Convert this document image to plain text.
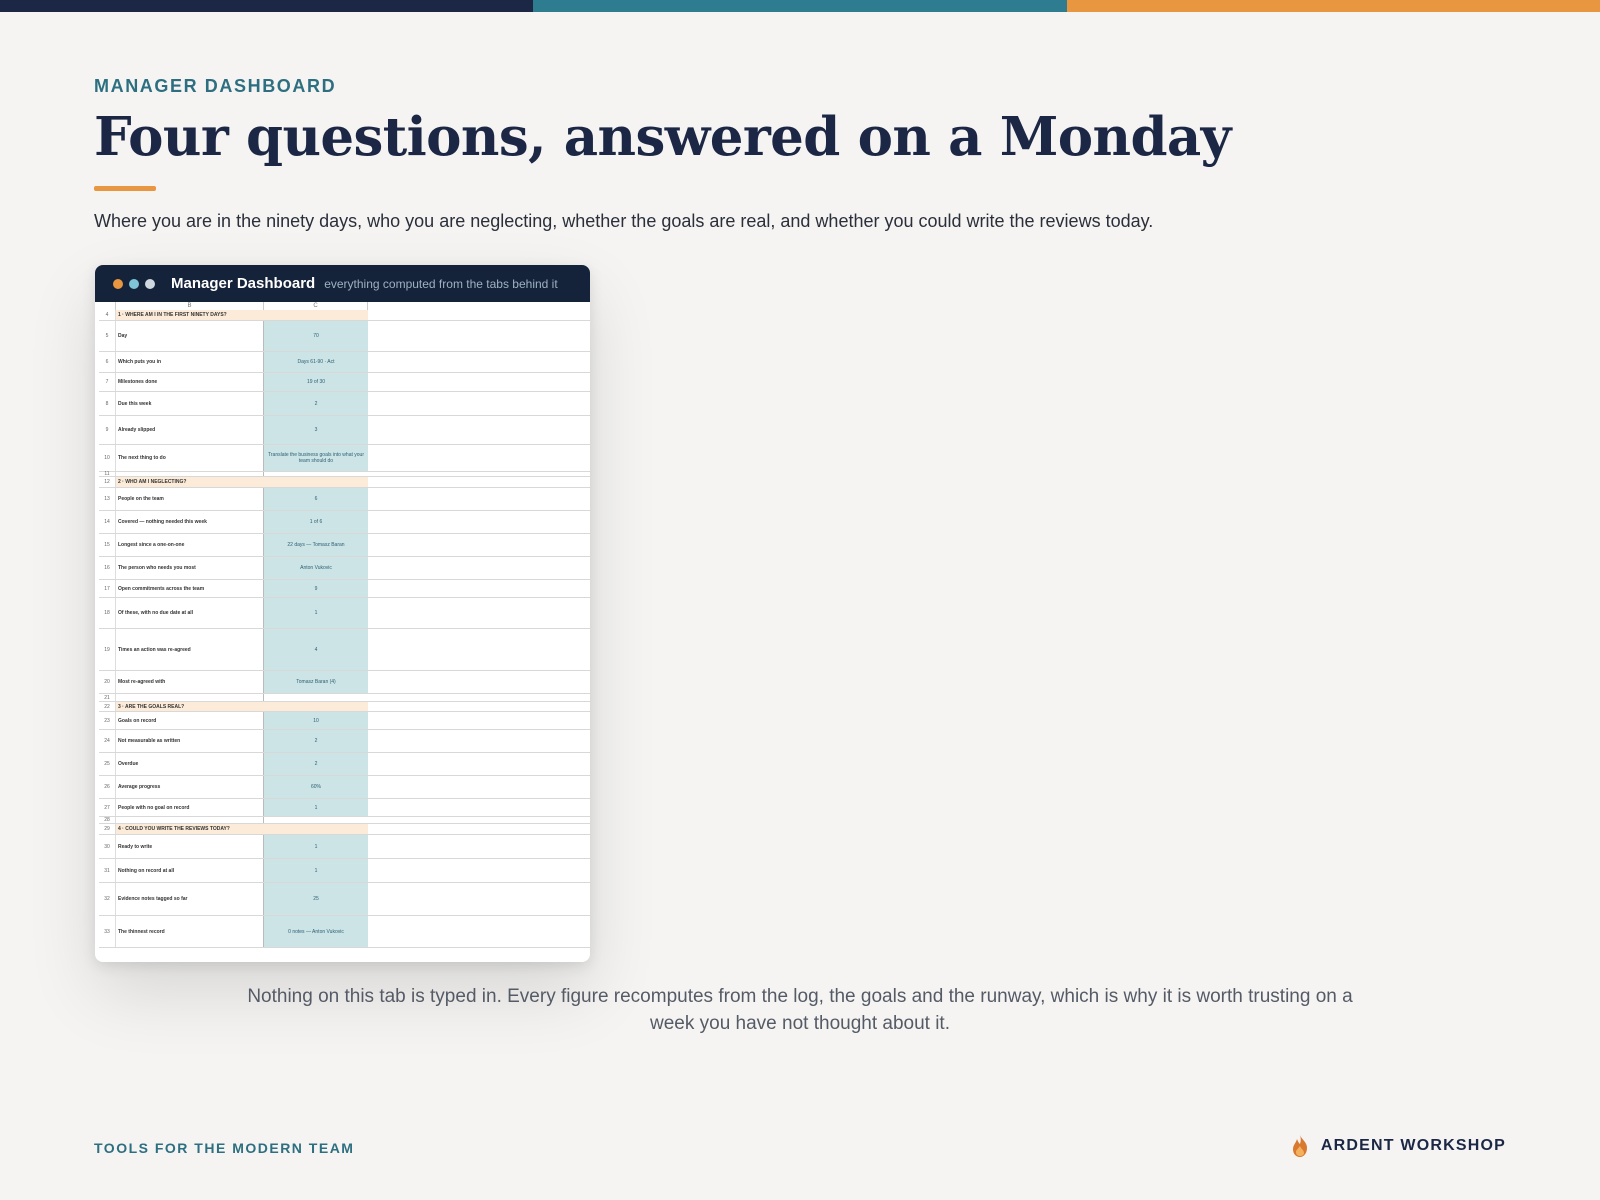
MANAGER DASHBOARD
Four questions, answered on a Monday

Where you are in the ninety days, who you are neglecting, whether the goals are real, and whether you could write the reviews today.

Manager Dashboard everything computed from the tabs behind it
B	C
4	1 · WHERE AM I IN THE FIRST NINETY DAYS?
5	Day	70
6	Which puts you in	Days 61-90 · Act
7	Milestones done	19 of 30
8	Due this week	2
9	Already slipped	3
10	The next thing to do	Translate the business goals into what your team should do
11
12	2 · WHO AM I NEGLECTING?
13	People on the team	6
14	Covered — nothing needed this week	1 of 6
15	Longest since a one-on-one	22 days — Tomasz Baran
16	The person who needs you most	Anton Vukovic
17	Open commitments across the team	9
18	Of these, with no due date at all	1
19	Times an action was re-agreed	4
20	Most re-agreed with	Tomasz Baran (4)
21
22	3 · ARE THE GOALS REAL?
23	Goals on record	10
24	Not measurable as written	2
25	Overdue	2
26	Average progress	60%
27	People with no goal on record	1
28
29	4 · COULD YOU WRITE THE REVIEWS TODAY?
30	Ready to write	1
31	Nothing on record at all	1
32	Evidence notes tagged so far	25
33	The thinnest record	0 notes — Anton Vukovic

Nothing on this tab is typed in. Every figure recomputes from the log, the goals and the runway, which is why it is worth trusting on a week you have not thought about it.

TOOLS FOR THE MODERN TEAM	ARDENT WORKSHOP
